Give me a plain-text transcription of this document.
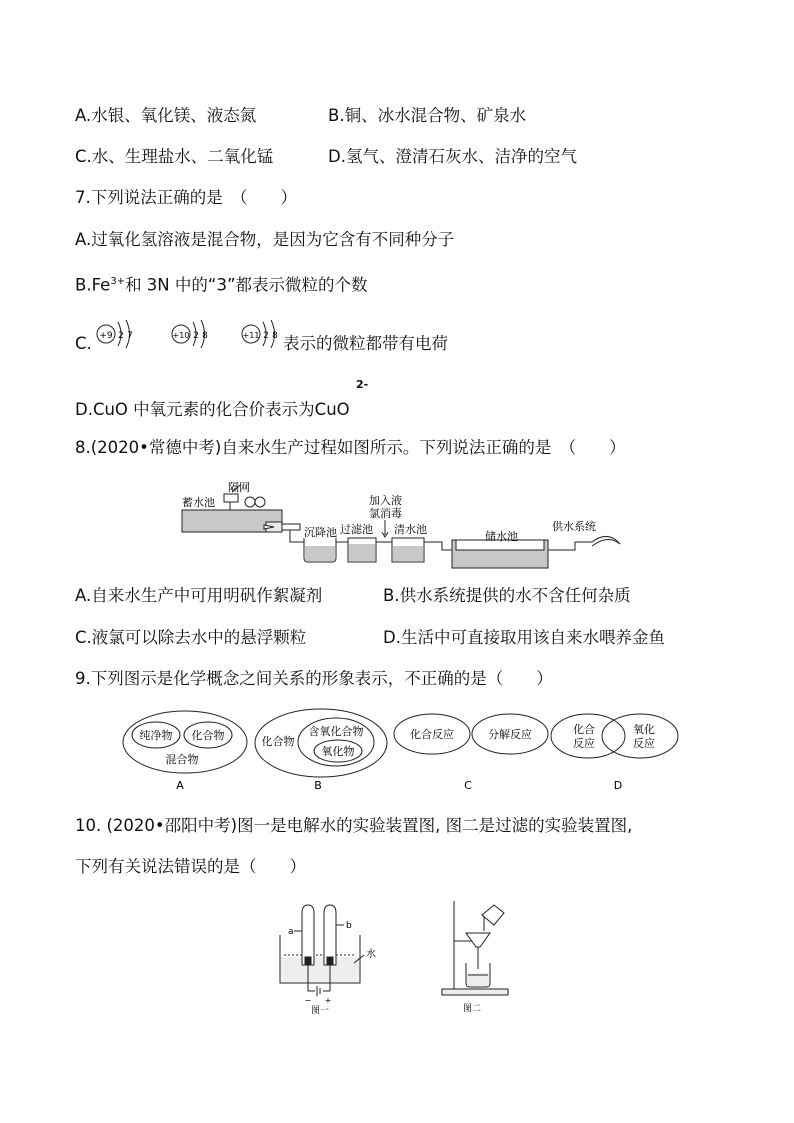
A.水银、氧化镁、液态氮	B.铜、冰水混合物、矿泉水
C.水、生理盐水、二氧化锰	D.氢气、澄清石灰水、洁净的空气
7.下列说法正确的是　（　　）
A.过氧化氢溶液是混合物，是因为它含有不同种分子
$B.Fe^{3+}$和 3N 中的“3”都表示微粒的个数
C. +9 2 7	+10 2 8	+11 2 8 表示的微粒都带有电荷
2-
D.CuO 中氧元素的化合价表示为CuO
8.(2020•常德中考)自来水生产过程如图所示。下列说法正确的是　（　　）
蓄水池
隔网
沉降池 过滤池
加入液
氯消毒
清水池
储水池
供水系统
A.自来水生产中可用明矾作絮凝剂	B.供水系统提供的水不含任何杂质
C.液氯可以除去水中的悬浮颗粒	D.生活中可直接取用该自来水喂养金鱼
9.下列图示是化学概念之间关系的形象表示，不正确的是（　　）
纯净物 化合物
混合物
A
化合物
含氧化合物
氧化物
B
化合反应	分解反应
C
化合
反应
氧化
反应
D
10. (2020•邵阳中考)图一是电解水的实验装置图, 图二是过滤的实验装置图,
下列有关说法错误的是（　　）
a
b
水
− +
图一	图二
